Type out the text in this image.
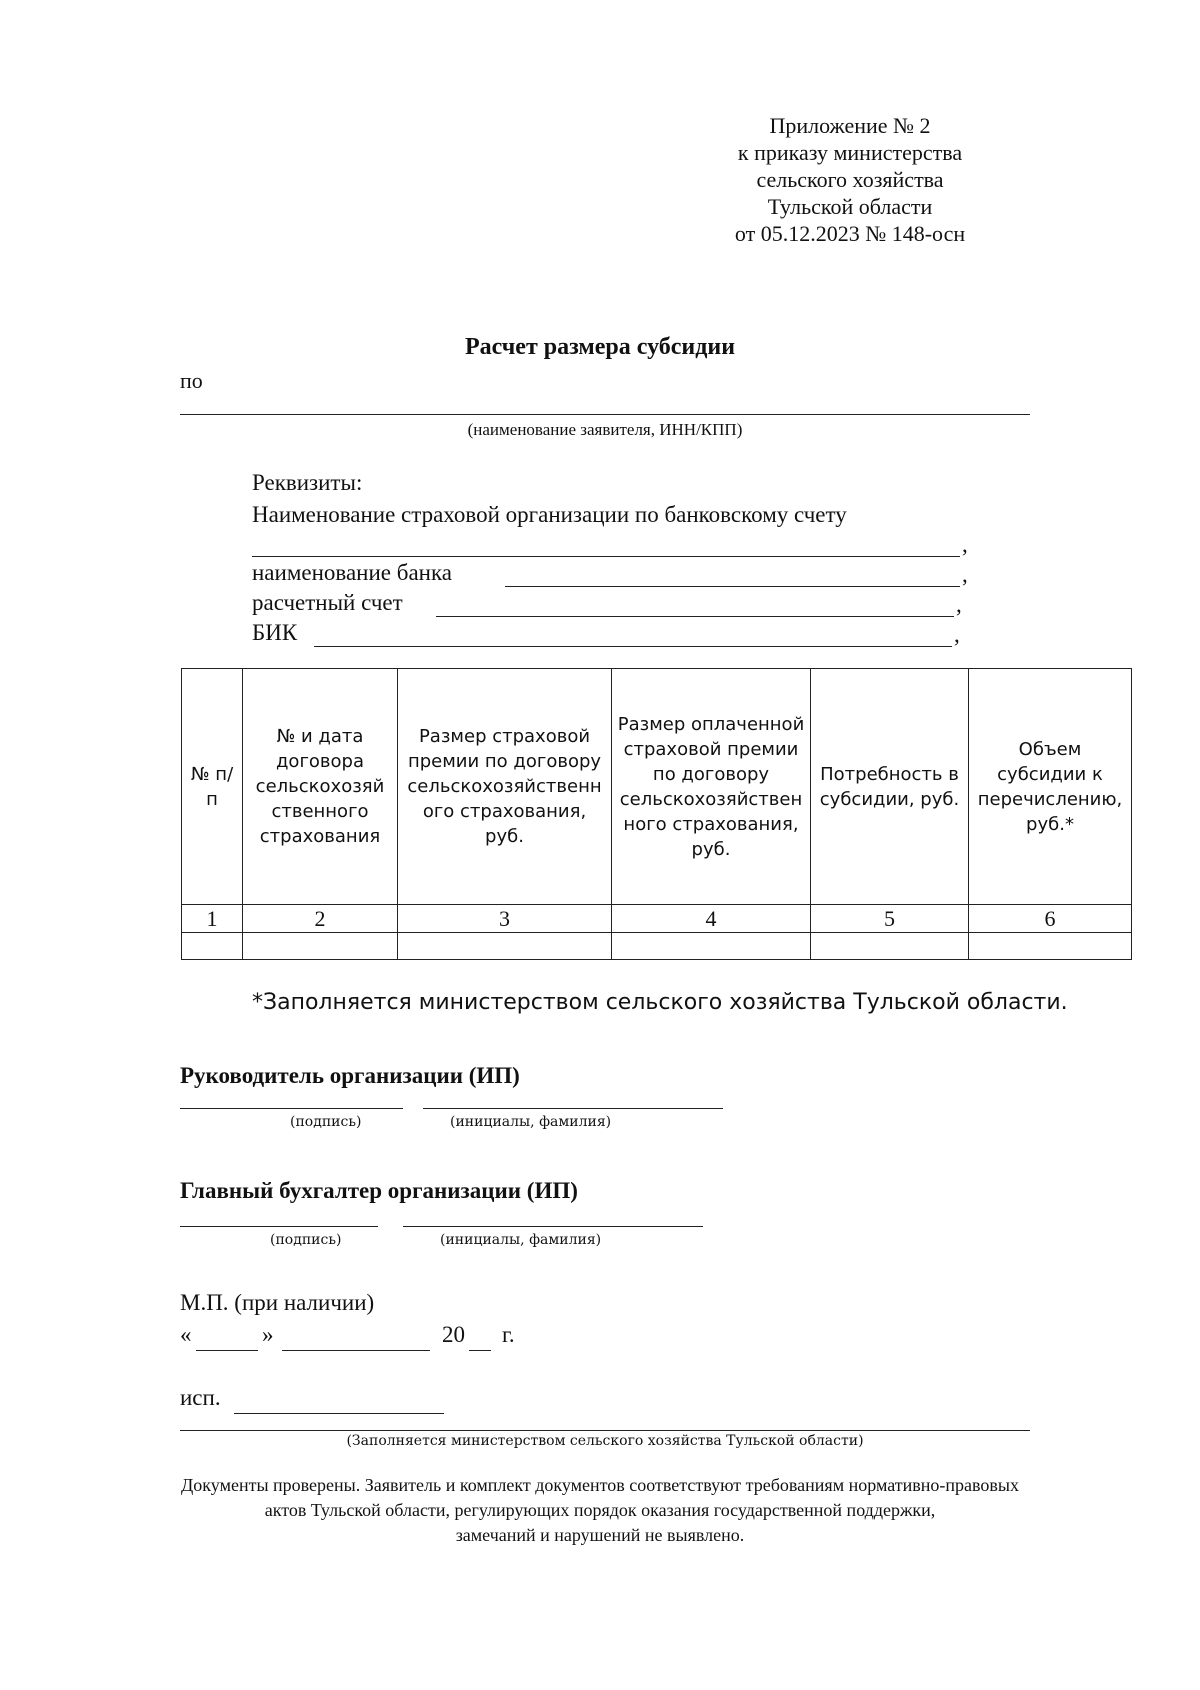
Приложение № 2
к приказу министерства
сельского хозяйства
Тульской области
от 05.12.2023 № 148-осн
Расчет размера субсидии
по
(наименование заявителя, ИНН/КПП)
Реквизиты:
Наименование страховой организации по банковскому счету
,
наименование банка	,
расчетный счет	,
БИК	,
№ п/п	№ и дата договора сельскохозяй ственного страхования	Размер страховой премии по договору сельскохозяйственн ого страхования, руб.	Размер оплаченной страховой премии по договору сельскохозяйствен ного страхования, руб.	Потребность в субсидии, руб.	Объем субсидии к перечислению, руб.*
1	2	3	4	5	6

*Заполняется министерством сельского хозяйства Тульской области.
Руководитель организации (ИП)
(подпись)	(инициалы, фамилия)
Главный бухгалтер организации (ИП)
(подпись)	(инициалы, фамилия)
М.П. (при наличии)
«	»	20 г.
исп.
(Заполняется министерством сельского хозяйства Тульской области)
Документы проверены. Заявитель и комплект документов соответствуют требованиям нормативно-правовых
актов Тульской области, регулирующих порядок оказания государственной поддержки,
замечаний и нарушений не выявлено.
